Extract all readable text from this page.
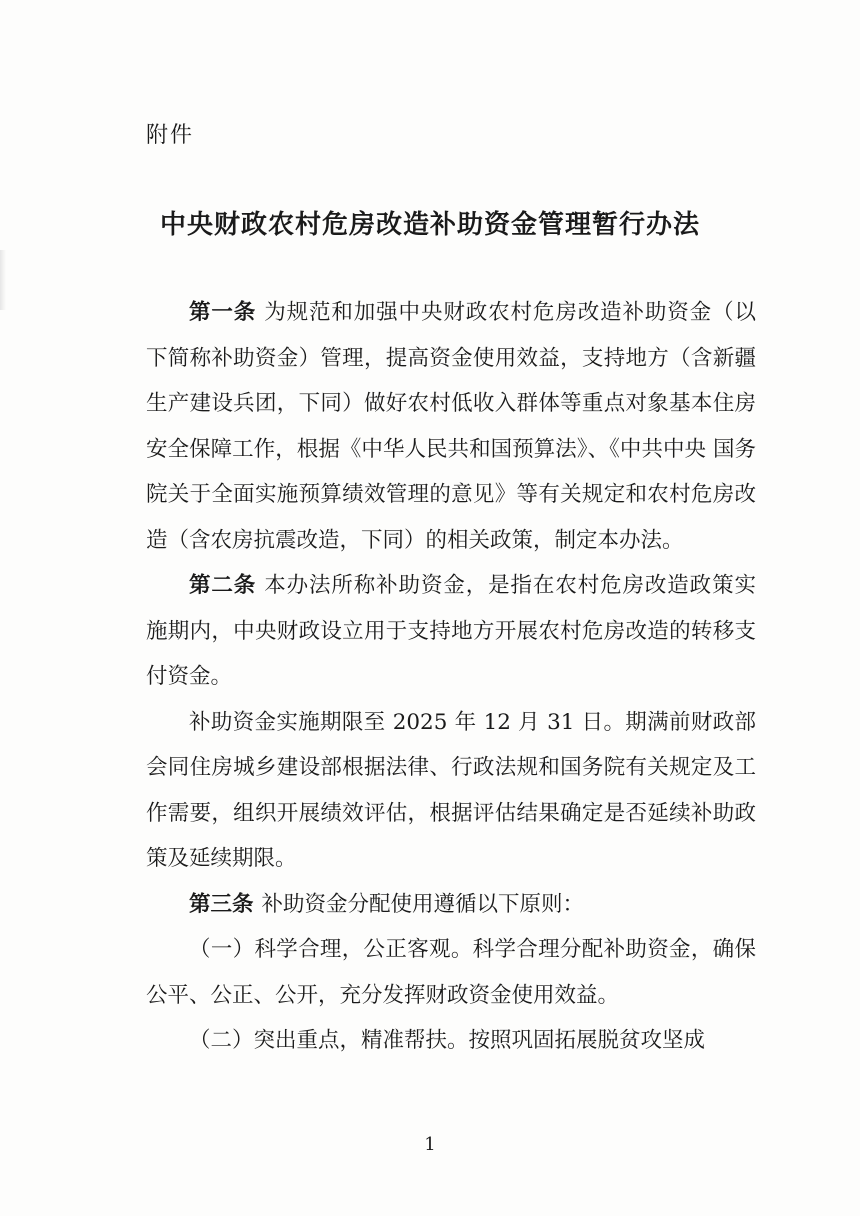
附件
中央财政农村危房改造补助资金管理暂行办法

第一条 为规范和加强中央财政农村危房改造补助资金（以下简称补助资金）管理，提高资金使用效益，支持地方（含新疆生产建设兵团，下同）做好农村低收入群体等重点对象基本住房安全保障工作，根据《中华人民共和国预算法》、《中共中央 国务院关于全面实施预算绩效管理的意见》等有关规定和农村危房改造（含农房抗震改造，下同）的相关政策，制定本办法。

第二条 本办法所称补助资金，是指在农村危房改造政策实施期内，中央财政设立用于支持地方开展农村危房改造的转移支付资金。

补助资金实施期限至 2025 年 12 月 31 日。期满前财政部会同住房城乡建设部根据法律、行政法规和国务院有关规定及工作需要，组织开展绩效评估，根据评估结果确定是否延续补助政策及延续期限。

第三条 补助资金分配使用遵循以下原则：

（一）科学合理，公正客观。科学合理分配补助资金，确保公平、公正、公开，充分发挥财政资金使用效益。

（二）突出重点，精准帮扶。按照巩固拓展脱贫攻坚成

1
